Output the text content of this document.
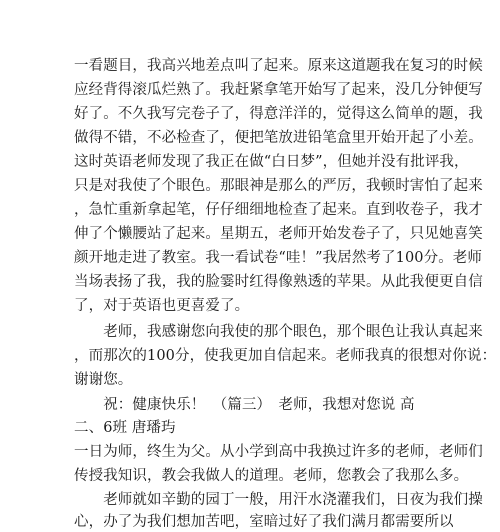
一看题目，我高兴地差点叫了起来。原来这道题我在复习的时候
应经背得滚瓜烂熟了。我赶紧拿笔开始写了起来，没几分钟便写
好了。不久我写完卷子了，得意洋洋的，觉得这么简单的题，我
做得不错，不必检查了，便把笔放进铅笔盒里开始开起了小差。
这时英语老师发现了我正在做“白日梦”，但她并没有批评我，
只是对我使了个眼色。那眼神是那么的严厉，我顿时害怕了起来
，急忙重新拿起笔，仔仔细细地检查了起来。直到收卷子，我才
伸了个懒腰站了起来。星期五，老师开始发卷子了，只见她喜笑
颜开地走进了教室。我一看试卷“哇！”我居然考了100分。老师
当场表扬了我，我的脸霎时红得像熟透的苹果。从此我便更自信
了，对于英语也更喜爱了。
　　老师，我感谢您向我使的那个眼色，那个眼色让我认真起来
，而那次的100分，使我更加自信起来。老师我真的很想对你说：
谢谢您。
　　祝：健康快乐！　（篇三）　老师，我想对您说 高
二、6班 唐璠玙
一日为师，终生为父。从小学到高中我换过许多的老师，老师们
传授我知识，教会我做人的道理。老师，您教会了我那么多。
　　老师就如辛勤的园丁一般，用汗水浇灌我们，日夜为我们操
心，办了为我们想加苦吧，室暗过好了我们满月都需要所以
